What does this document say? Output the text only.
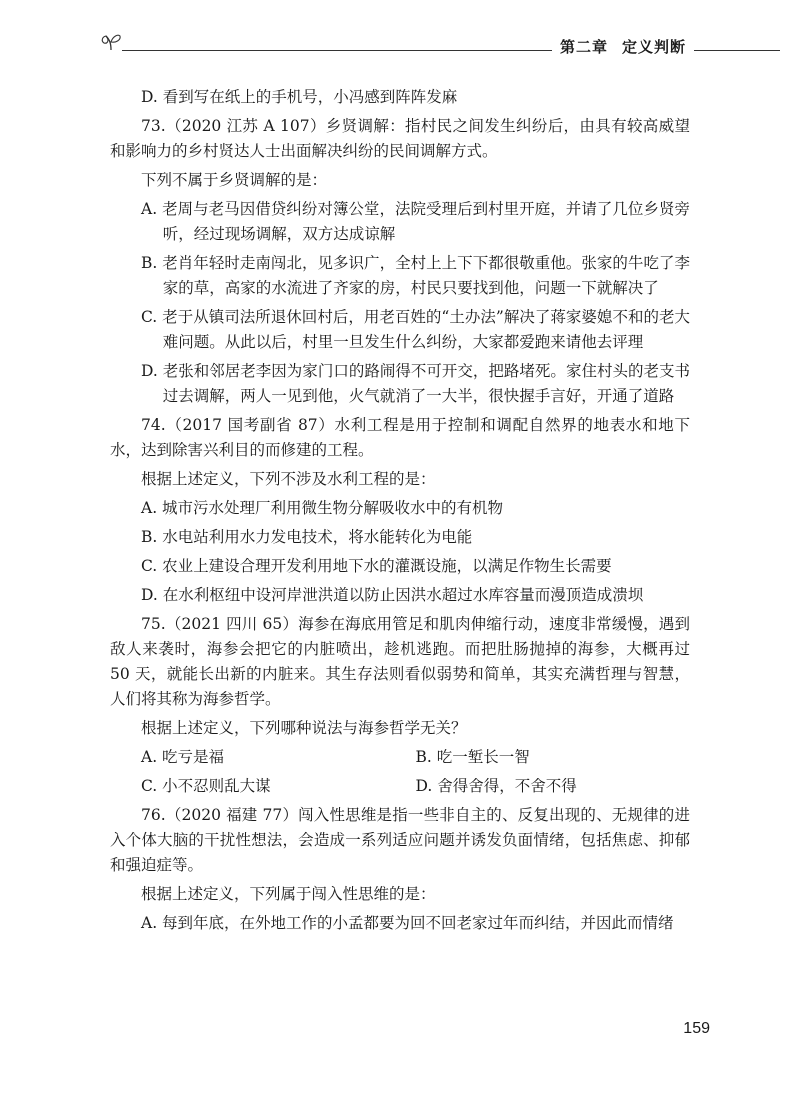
第二章 定义判断
D. 看到写在纸上的手机号，小冯感到阵阵发麻
73.（2020 江苏 A 107）乡贤调解：指村民之间发生纠纷后，由具有较高威望和影响力的乡村贤达人士出面解决纠纷的民间调解方式。
下列不属于乡贤调解的是：
A. 老周与老马因借贷纠纷对簿公堂，法院受理后到村里开庭，并请了几位乡贤旁听，经过现场调解，双方达成谅解
B. 老肖年轻时走南闯北，见多识广，全村上上下下都很敬重他。张家的牛吃了李家的草，高家的水流进了齐家的房，村民只要找到他，问题一下就解决了
C. 老于从镇司法所退休回村后，用老百姓的“土办法”解决了蒋家婆媳不和的老大难问题。从此以后，村里一旦发生什么纠纷，大家都爱跑来请他去评理
D. 老张和邻居老李因为家门口的路闹得不可开交，把路堵死。家住村头的老支书过去调解，两人一见到他，火气就消了一大半，很快握手言好，开通了道路
74.（2017 国考副省 87）水利工程是用于控制和调配自然界的地表水和地下水，达到除害兴利目的而修建的工程。
根据上述定义，下列不涉及水利工程的是：
A. 城市污水处理厂利用微生物分解吸收水中的有机物
B. 水电站利用水力发电技术，将水能转化为电能
C. 农业上建设合理开发利用地下水的灌溉设施，以满足作物生长需要
D. 在水利枢纽中设河岸泄洪道以防止因洪水超过水库容量而漫顶造成溃坝
75.（2021 四川 65）海参在海底用管足和肌肉伸缩行动，速度非常缓慢，遇到敌人来袭时，海参会把它的内脏喷出，趁机逃跑。而把肚肠抛掉的海参，大概再过 50 天，就能长出新的内脏来。其生存法则看似弱势和简单，其实充满哲理与智慧，人们将其称为海参哲学。
根据上述定义，下列哪种说法与海参哲学无关？
A. 吃亏是福	B. 吃一堑长一智
C. 小不忍则乱大谋	D. 舍得舍得，不舍不得
76.（2020 福建 77）闯入性思维是指一些非自主的、反复出现的、无规律的进入个体大脑的干扰性想法，会造成一系列适应问题并诱发负面情绪，包括焦虑、抑郁和强迫症等。
根据上述定义，下列属于闯入性思维的是：
A. 每到年底，在外地工作的小孟都要为回不回老家过年而纠结，并因此而情绪
159
